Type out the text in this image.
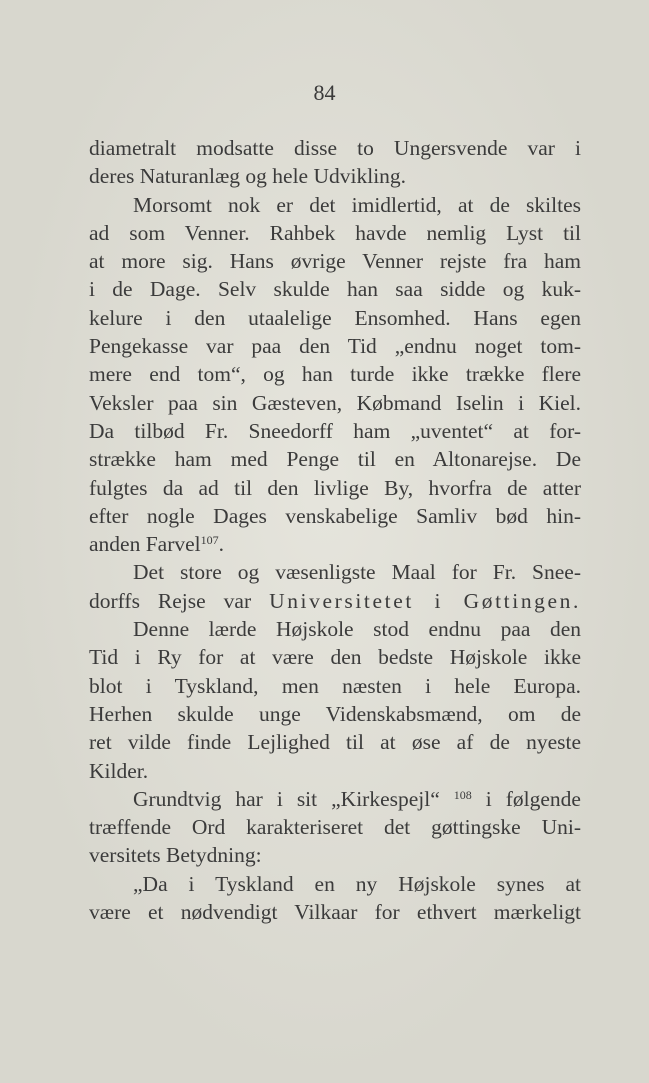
84
diametralt modsatte disse to Ungersvende var i
deres Naturanlæg og hele Udvikling.
Morsomt nok er det imidlertid, at de skiltes
ad som Venner. Rahbek havde nemlig Lyst til
at more sig. Hans øvrige Venner rejste fra ham
i de Dage. Selv skulde han saa sidde og kuk-
kelure i den utaalelige Ensomhed. Hans egen
Pengekasse var paa den Tid „endnu noget tom-
mere end tom“, og han turde ikke trække flere
Veksler paa sin Gæsteven, Købmand Iselin i Kiel.
Da tilbød Fr. Sneedorff ham „uventet“ at for-
strække ham med Penge til en Altonarejse. De
fulgtes da ad til den livlige By, hvorfra de atter
efter nogle Dages venskabelige Samliv bød hin-
anden Farvel$^{107}$.
Det store og væsenligste Maal for Fr. Snee-
dorffs Rejse var Universitetet i Gøttingen.
Denne lærde Højskole stod endnu paa den
Tid i Ry for at være den bedste Højskole ikke
blot i Tyskland, men næsten i hele Europa.
Herhen skulde unge Videnskabsmænd, om de
ret vilde finde Lejlighed til at øse af de nyeste
Kilder.
Grundtvig har i sit „Kirkespejl“ $^{108}$ i følgende
træffende Ord karakteriseret det gøttingske Uni-
versitets Betydning:
„Da i Tyskland en ny Højskole synes at
være et nødvendigt Vilkaar for ethvert mærkeligt
